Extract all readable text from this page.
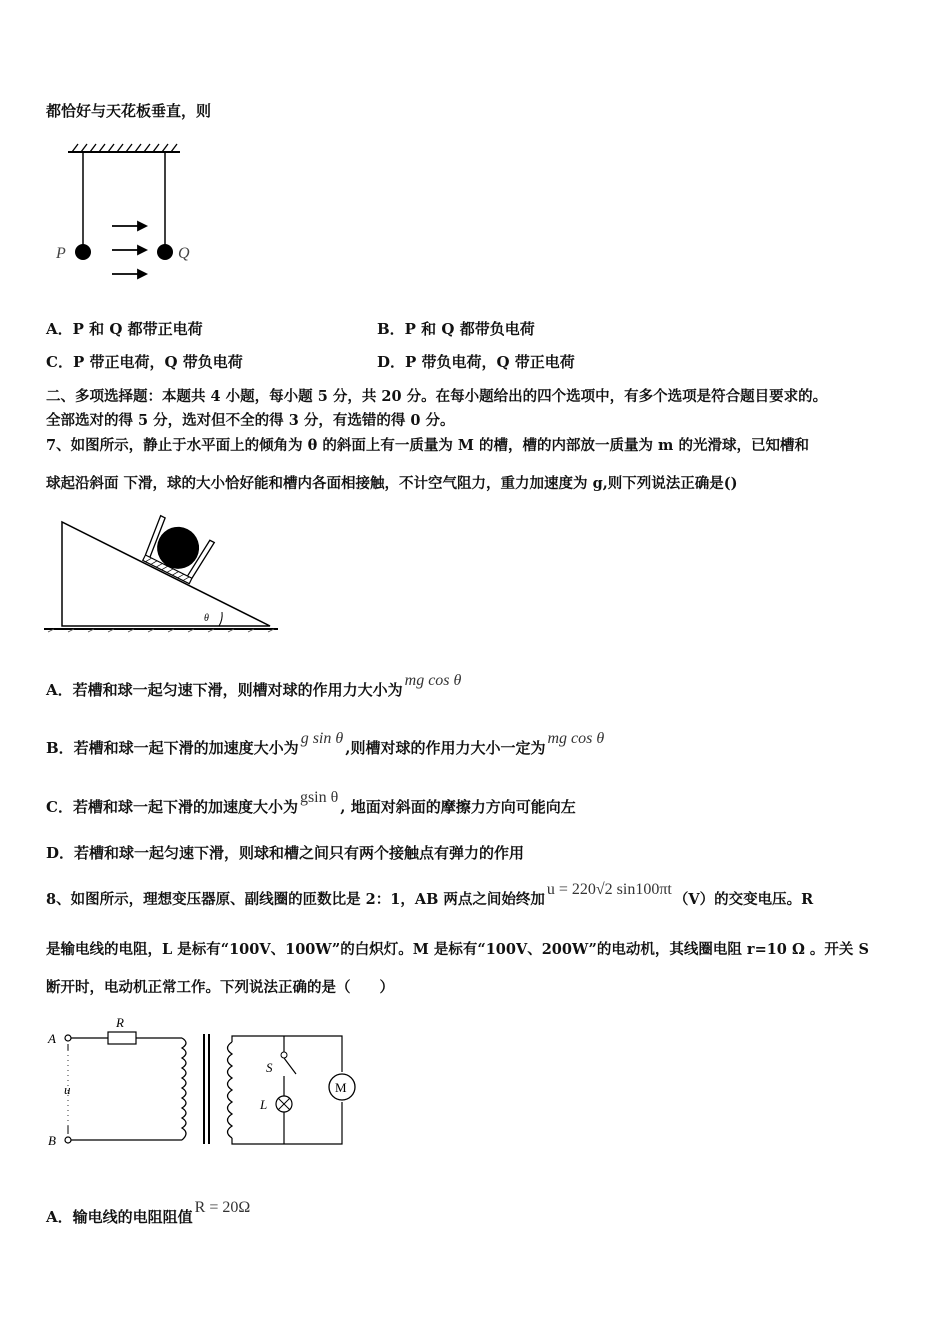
都恰好与天花板垂直，则
P	Q
A．P 和 Q 都带正电荷	B．P 和 Q 都带负电荷
C．P 带正电荷，Q 带负电荷	D．P 带负电荷，Q 带正电荷
二、多项选择题：本题共 4 小题，每小题 5 分，共 20 分。在每小题给出的四个选项中，有多个选项是符合题目要求的。
全部选对的得 5 分，选对但不全的得 3 分，有选错的得 0 分。
7、如图所示，静止于水平面上的倾角为 θ 的斜面上有一质量为 M 的槽，槽的内部放一质量为 m 的光滑球，已知槽和
球起沿斜面 下滑，球的大小恰好能和槽内各面相接触，不计空气阻力，重力加速度为 g,则下列说法正确是()
θ
A．若槽和球一起匀速下滑，则槽对球的作用力大小为mg cos θ
B．若槽和球一起下滑的加速度大小为g sin θ,则槽对球的作用力大小一定为mg cos θ
C．若槽和球一起下滑的加速度大小为gsin θ, 地面对斜面的摩擦力方向可能向左
D．若槽和球一起匀速下滑，则球和槽之间只有两个接触点有弹力的作用
8、如图所示，理想变压器原、副线圈的匝数比是 2：1，AB 两点之间始终加u = 220√2 sin100πt（V）的交变电压。R
是输电线的电阻，L 是标有“100V、100W”的白炽灯。M 是标有“100V、200W”的电动机，其线圈电阻 r=10 Ω 。开关 S
断开时，电动机正常工作。下列说法正确的是（　　）
M
A
B
u
R
S
L
A．输电线的电阻阻值R = 20Ω
